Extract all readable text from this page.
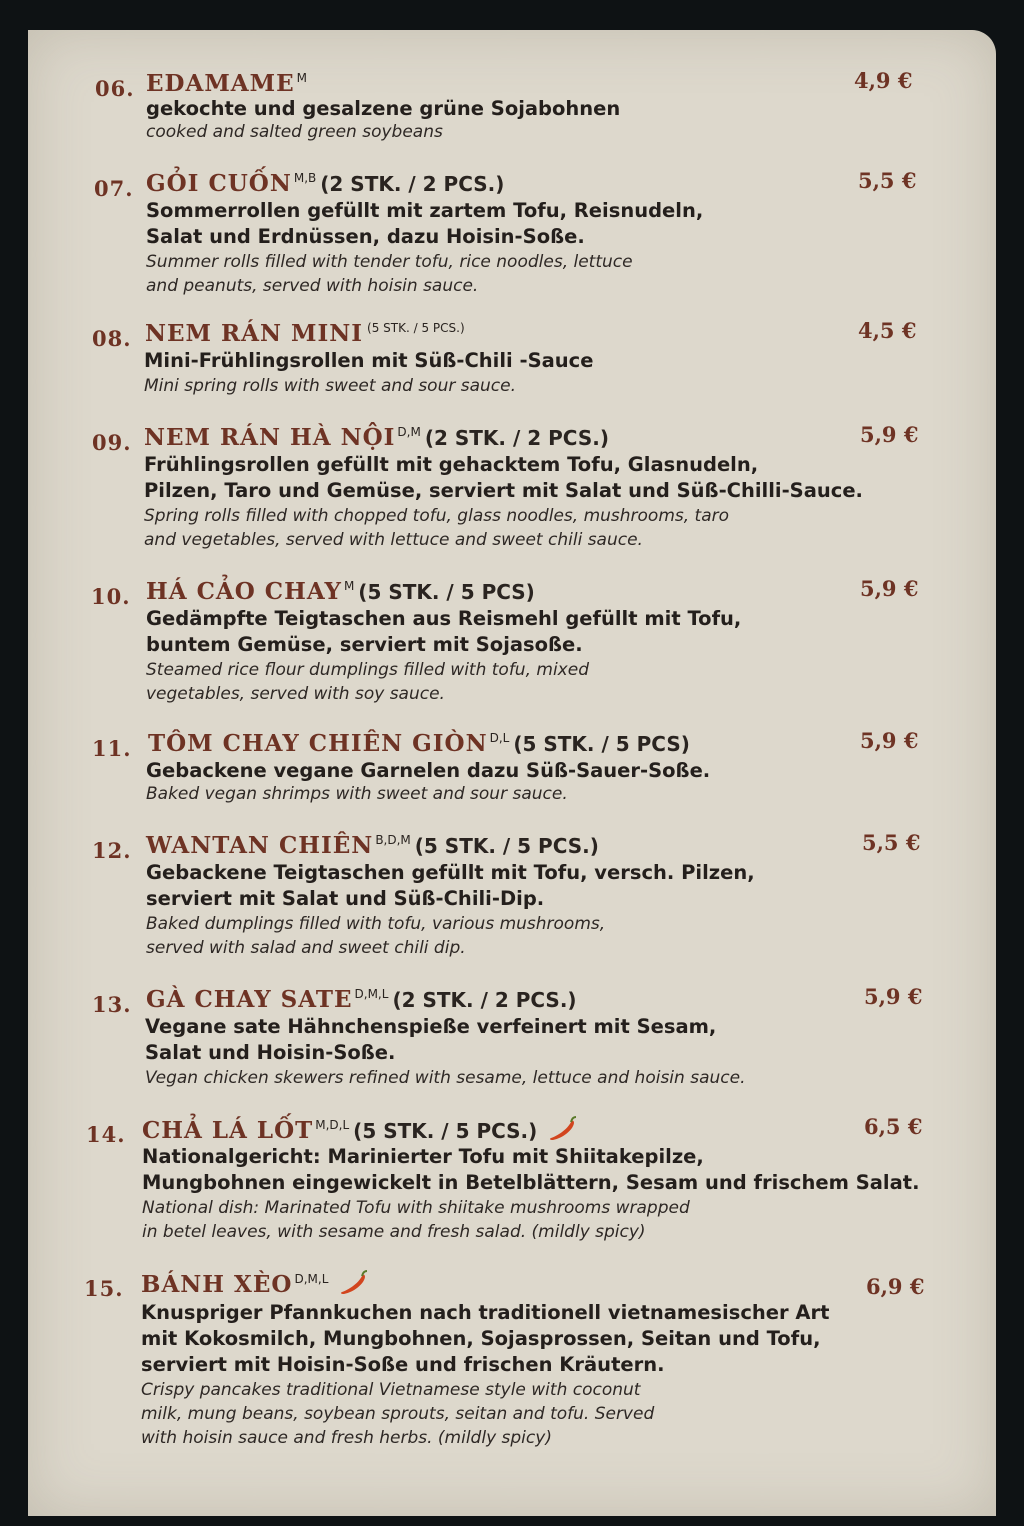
06. EDAMAME $^M$	4,9 €
gekochte und gesalzene grüne Sojabohnen
cooked and salted green soybeans
07. GỎI CUỐN $^{M,B}$ (2 STK. / 2 PCS.)	5,5 €
Sommerrollen gefüllt mit zartem Tofu, Reisnudeln,
Salat und Erdnüssen, dazu Hoisin-Soße.
Summer rolls filled with tender tofu, rice noodles, lettuce
and peanuts, served with hoisin sauce.
08. NEM RÁN MINI $^{(5 STK. / 5 PCS.)}$	4,5 €
Mini-Frühlingsrollen mit Süß-Chili -Sauce
Mini spring rolls with sweet and sour sauce.
09. NEM RÁN HÀ NỘI $^{D,M}$ (2 STK. / 2 PCS.)	5,9 €
Frühlingsrollen gefüllt mit gehacktem Tofu, Glasnudeln,
Pilzen, Taro und Gemüse, serviert mit Salat und Süß-Chilli-Sauce.
Spring rolls filled with chopped tofu, glass noodles, mushrooms, taro
and vegetables, served with lettuce and sweet chili sauce.
10. HÁ CẢO CHAY $^M$ (5 STK. / 5 PCS)	5,9 €
Gedämpfte Teigtaschen aus Reismehl gefüllt mit Tofu,
buntem Gemüse, serviert mit Sojasoße.
Steamed rice flour dumplings filled with tofu, mixed
vegetables, served with soy sauce.
11. TÔM CHAY CHIÊN GIÒN $^{D,L}$ (5 STK. / 5 PCS)	5,9 €
Gebackene vegane Garnelen dazu Süß-Sauer-Soße.
Baked vegan shrimps with sweet and sour sauce.
12. WANTAN CHIÊN $^{B,D,M}$ (5 STK. / 5 PCS.)	5,5 €
Gebackene Teigtaschen gefüllt mit Tofu, versch. Pilzen,
serviert mit Salat und Süß-Chili-Dip.
Baked dumplings filled with tofu, various mushrooms,
served with salad and sweet chili dip.
13. GÀ CHAY SATE $^{D,M,L}$ (2 STK. / 2 PCS.)	5,9 €
Vegane sate Hähnchenspieße verfeinert mit Sesam,
Salat und Hoisin-Soße.
Vegan chicken skewers refined with sesame, lettuce and hoisin sauce.
14. CHẢ LÁ LỐT $^{M,D,L}$ (5 STK. / 5 PCS.)	6,5 €
Nationalgericht: Marinierter Tofu mit Shiitakepilze,
Mungbohnen eingewickelt in Betelblättern, Sesam und frischem Salat.
National dish: Marinated Tofu with shiitake mushrooms wrapped
in betel leaves, with sesame and fresh salad. (mildly spicy)
15. BÁNH XÈO $^{D,M,L}$	6,9 €
Knuspriger Pfannkuchen nach traditionell vietnamesischer Art
mit Kokosmilch, Mungbohnen, Sojasprossen, Seitan und Tofu,
serviert mit Hoisin-Soße und frischen Kräutern.
Crispy pancakes traditional Vietnamese style with coconut
milk, mung beans, soybean sprouts, seitan and tofu. Served
with hoisin sauce and fresh herbs. (mildly spicy)
